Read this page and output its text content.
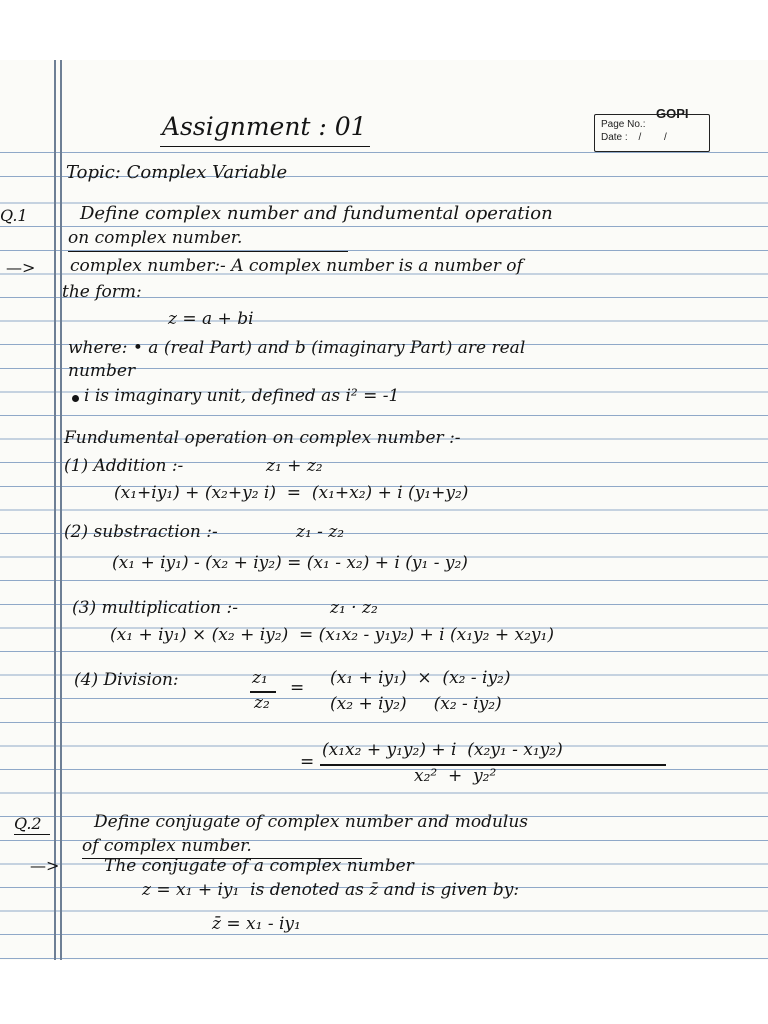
GOPI
Page No.:
Date : / /
Assignment : 01
Topic: Complex Variable
Q.1	Define complex number and fundumental operation
on complex number.
—> complex number:- A complex number is a number of
the form:
z = a + bi
where: • a (real Part) and b (imaginary Part) are real
number
i is imaginary unit, defined as i² = -1
Fundumental operation on complex number :-
(1) Addition :-	z₁ + z₂
(x₁+iy₁) + (x₂+y₂ i)  =  (x₁+x₂) + i (y₁+y₂)
(2) substraction :-	z₁ - z₂
(x₁ + iy₁) - (x₂ + iy₂) = (x₁ - x₂) + i (y₁ - y₂)
(3) multiplication :-	z₁ · z₂
(x₁ + iy₁) × (x₂ + iy₂)  = (x₁x₂ - y₁y₂) + i (x₁y₂ + x₂y₁)
(4) Division:	z₁
z₂
= (x₁ + iy₁)  ×  (x₂ - iy₂)
(x₂ + iy₂)     (x₂ - iy₂)
=
(x₁x₂ + y₁y₂) + i  (x₂y₁ - x₁y₂)
x₂²  +  y₂²
Q.2	Define conjugate of complex number and modulus
of complex number.
—>	The conjugate of a complex number
z = x₁ + iy₁  is denoted as z̄ and is given by:
z̄ = x₁ - iy₁
